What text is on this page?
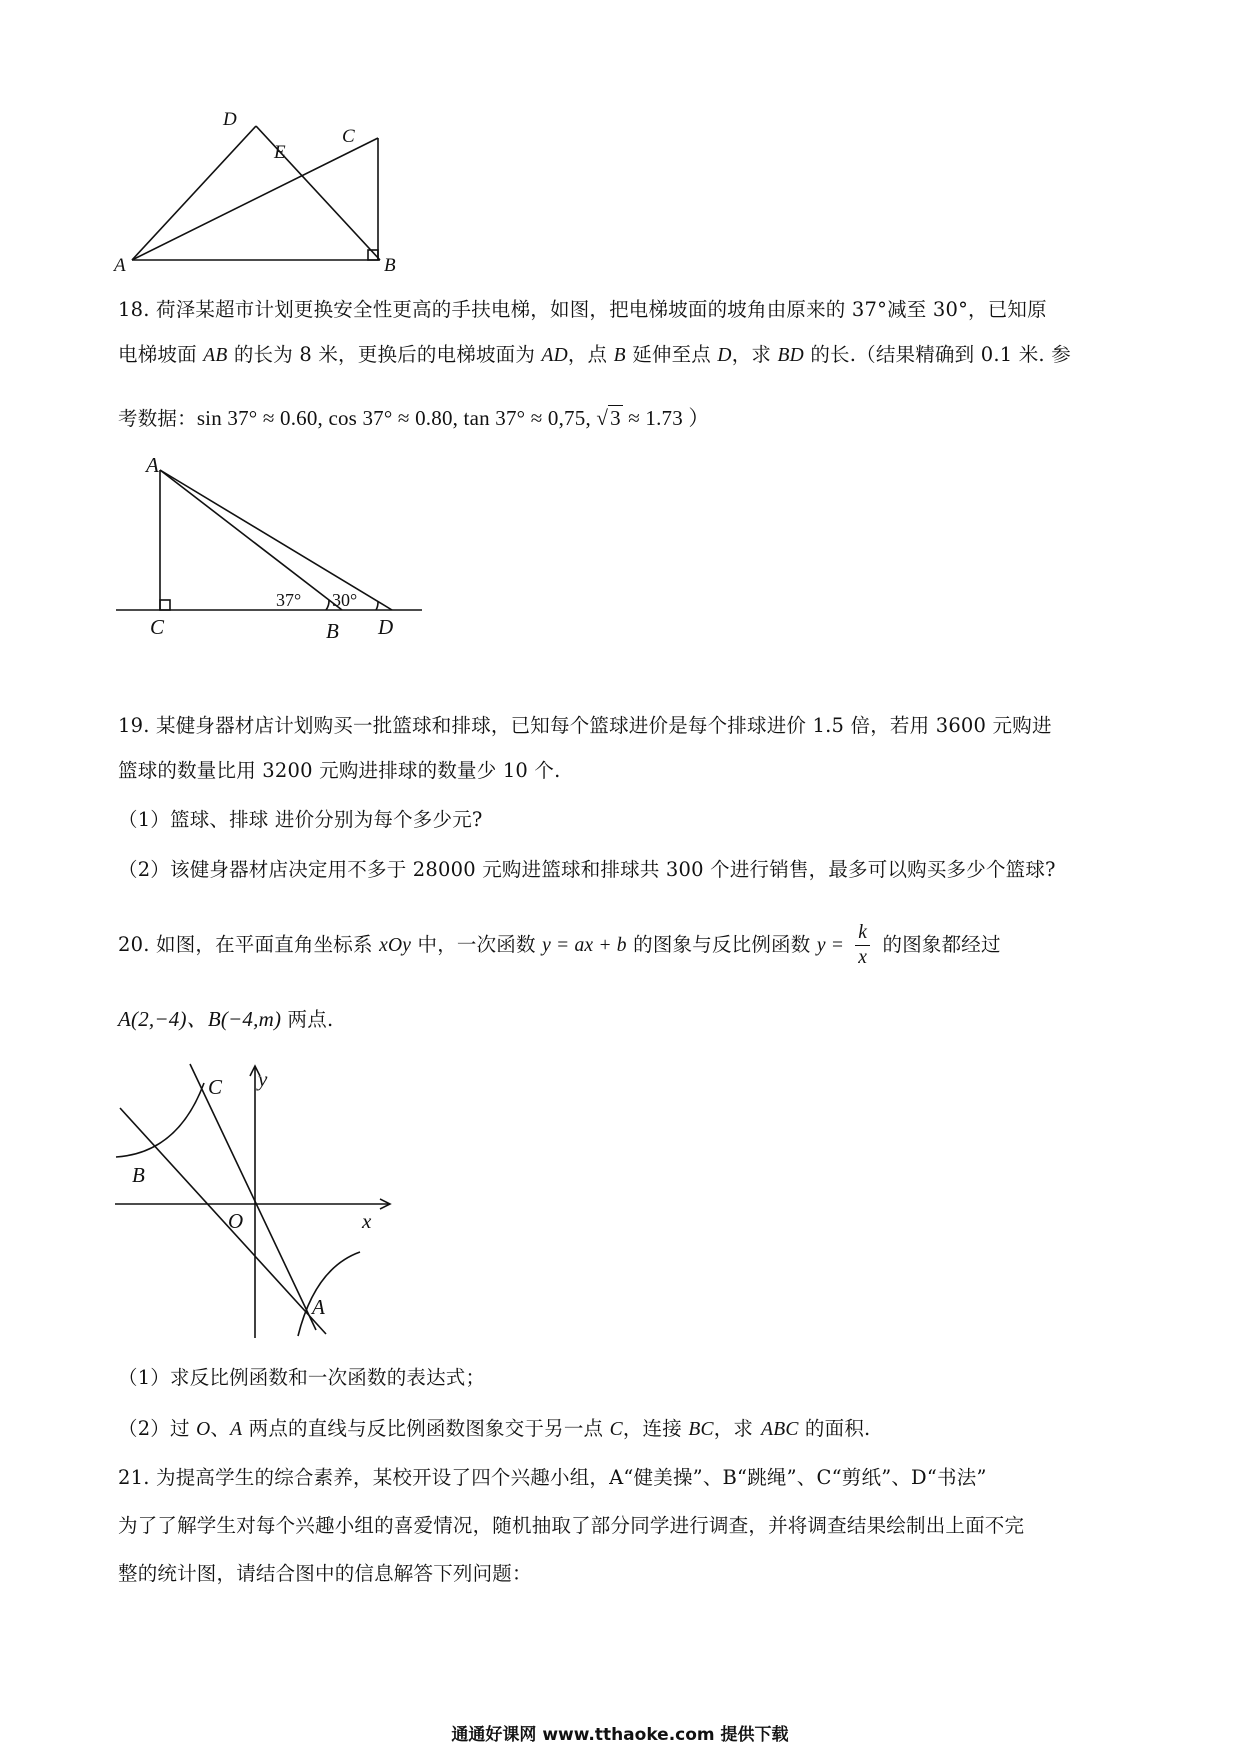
A	B
C
D
E
18. 荷泽某超市计划更换安全性更高的手扶电梯，如图，把电梯坡面的坡角由原来的 37°减至 30°，已知原
电梯坡面 AB 的长为 8 米，更换后的电梯坡面为 AD，点 B 延伸至点 D，求 BD 的长.（结果精确到 0.1 米. 参
考数据：sin 37° ≈ 0.60, cos 37° ≈ 0.80, tan 37° ≈ 0,75, √3 ≈ 1.73 ）
A
C	B D
37° 30°
19. 某健身器材店计划购买一批篮球和排球，已知每个篮球进价是每个排球进价 1.5 倍，若用 3600 元购进
篮球的数量比用 3200 元购进排球的数量少 10 个.
（1）篮球、排球 进价分别为每个多少元?
（2）该健身器材店决定用不多于 28000 元购进篮球和排球共 300 个进行销售，最多可以购买多少个篮球?
20. 如图，在平面直角坐标系 xOy 中，一次函数 y = ax + b 的图象与反比例函数 $y = \frac{k}{x}$ 的图象都经过
A(2,−4)、B(−4,m) 两点.
y
x
O
B
C
A
（1）求反比例函数和一次函数的表达式；
（2）过 O、A 两点的直线与反比例函数图象交于另一点 C，连接 BC，求 ABC 的面积.
21. 为提高学生的综合素养，某校开设了四个兴趣小组，A“健美操”、B“跳绳”、C“剪纸”、D“书法”
为了了解学生对每个兴趣小组的喜爱情况，随机抽取了部分同学进行调查，并将调查结果绘制出上面不完
整的统计图，请结合图中的信息解答下列问题：
通通好课网 www.tthaoke.com 提供下载
